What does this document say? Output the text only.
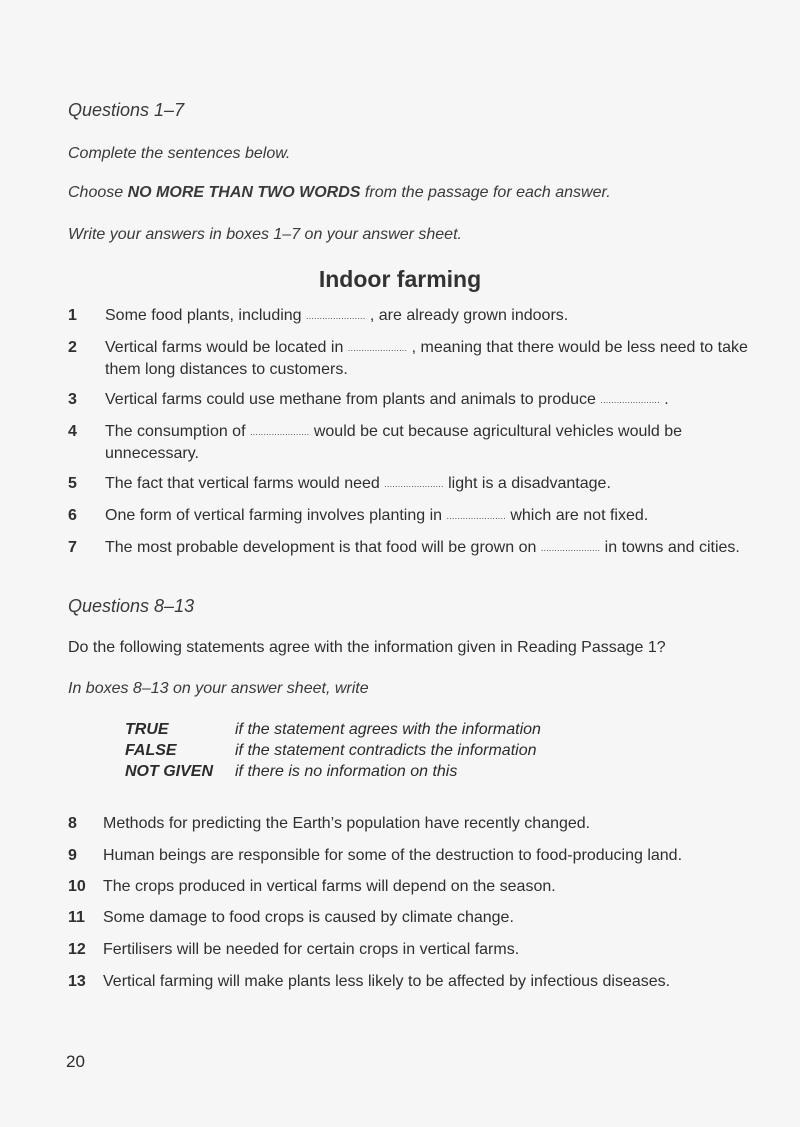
Questions 1–7
Complete the sentences below.
Choose NO MORE THAN TWO WORDS from the passage for each answer.
Write your answers in boxes 1–7 on your answer sheet.
Indoor farming
1	Some food plants, including ...................... , are already grown indoors.
2	Vertical farms would be located in ...................... , meaning that there would be less need to take them long distances to customers.
3	Vertical farms could use methane from plants and animals to produce ...................... .
4	The consumption of ...................... would be cut because agricultural vehicles would be unnecessary.
5	The fact that vertical farms would need ...................... light is a disadvantage.
6	One form of vertical farming involves planting in ...................... which are not fixed.
7	The most probable development is that food will be grown on ...................... in towns and cities.
Questions 8–13
Do the following statements agree with the information given in Reading Passage 1?
In boxes 8–13 on your answer sheet, write
TRUE	if the statement agrees with the information
FALSE	if the statement contradicts the information
NOT GIVEN	if there is no information on this
8	Methods for predicting the Earth’s population have recently changed.
9	Human beings are responsible for some of the destruction to food-producing land.
10	The crops produced in vertical farms will depend on the season.
11	Some damage to food crops is caused by climate change.
12	Fertilisers will be needed for certain crops in vertical farms.
13	Vertical farming will make plants less likely to be affected by infectious diseases.
20
